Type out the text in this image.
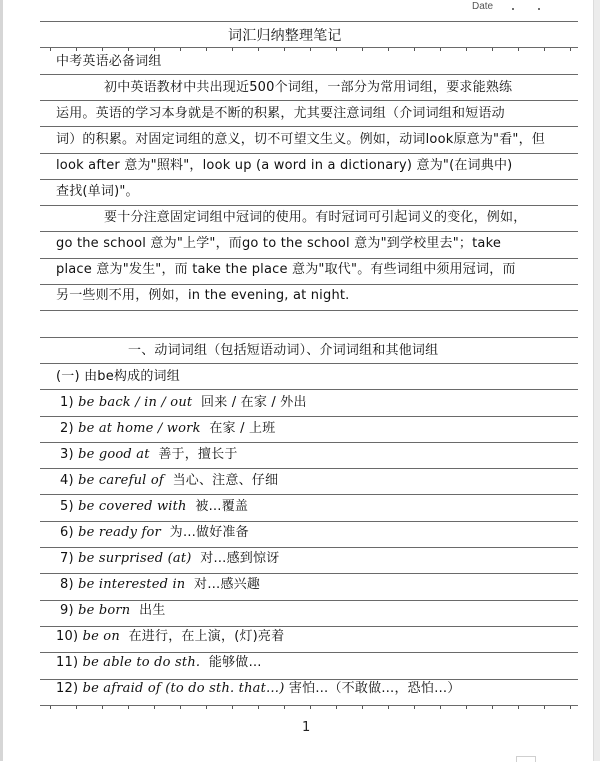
Date
词汇归纳整理笔记
中考英语必备词组
初中英语教材中共出现近500个词组，一部分为常用词组，要求能熟练
运用。英语的学习本身就是不断的积累，尤其要注意词组（介词词组和短语动
词）的积累。对固定词组的意义，切不可望文生义。例如，动词look原意为"看"，但
look after 意为"照料"，look up (a word in a dictionary) 意为"(在词典中)
查找(单词)"。
要十分注意固定词组中冠词的使用。有时冠词可引起词义的变化，例如，
go the school 意为"上学"，而go to the school 意为"到学校里去"；take
place 意为"发生"，而 take the place 意为"取代"。有些词组中须用冠词，而
另一些则不用，例如，in the evening, at night.
一、动词词组（包括短语动词）、介词词组和其他词组
(一) 由be构成的词组
1) be back / in / out 回来 / 在家 / 外出
2) be at home / work 在家 / 上班
3) be good at 善于，擅长于
4) be careful of 当心、注意、仔细
5) be covered with 被…覆盖
6) be ready for 为…做好准备
7) be surprised (at) 对…感到惊讶
8) be interested in 对…感兴趣
9) be born 出生
10) be on 在进行，在上演，(灯)亮着
11) be able to do sth. 能够做…
12) be afraid of (to do sth. that…) 害怕…（不敢做…，恐怕…）
1
